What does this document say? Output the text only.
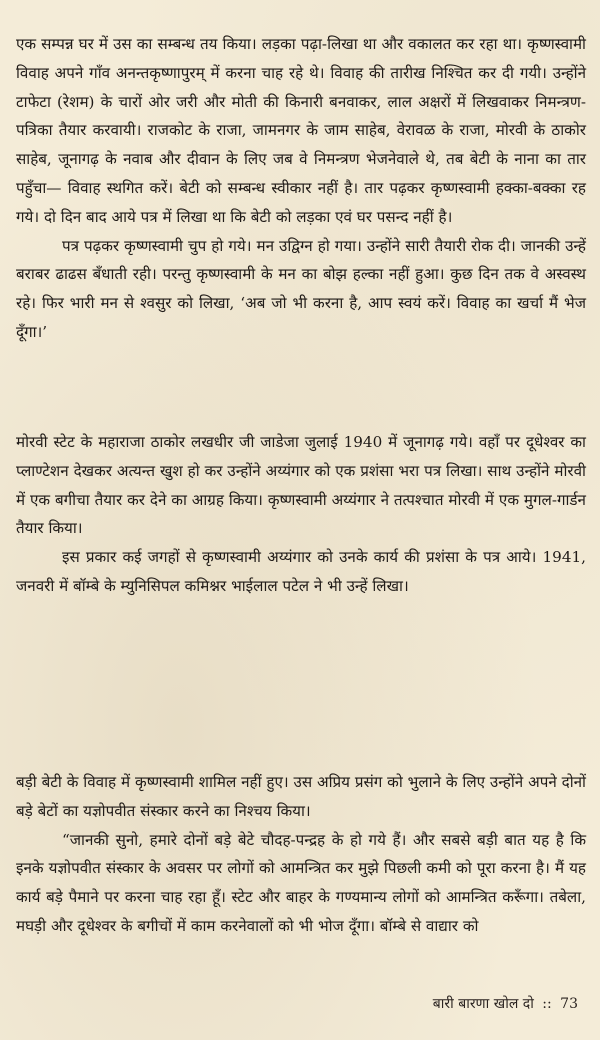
एक सम्पन्न घर में उस का सम्बन्ध तय किया। लड़का पढ़ा-लिखा था और वकालत कर रहा था। कृष्णस्वामी विवाह अपने गाँव अनन्तकृष्णापुरम् में करना चाह रहे थे। विवाह की तारीख निश्चित कर दी गयी। उन्होंने टाफेटा (रेशम) के चारों ओर जरी और मोती की किनारी बनवाकर, लाल अक्षरों में लिखवाकर निमन्त्रण-पत्रिका तैयार करवायी। राजकोट के राजा, जामनगर के जाम साहेब, वेरावळ के राजा, मोरवी के ठाकोर साहेब, जूनागढ़ के नवाब और दीवान के लिए जब वे निमन्त्रण भेजनेवाले थे, तब बेटी के नाना का तार पहुँचा— विवाह स्थगित करें। बेटी को सम्बन्ध स्वीकार नहीं है। तार पढ़कर कृष्णस्वामी हक्का-बक्का रह गये। दो दिन बाद आये पत्र में लिखा था कि बेटी को लड़का एवं घर पसन्द नहीं है।

पत्र पढ़कर कृष्णस्वामी चुप हो गये। मन उद्विग्न हो गया। उन्होंने सारी तैयारी रोक दी। जानकी उन्हें बराबर ढाढस बँधाती रही। परन्तु कृष्णस्वामी के मन का बोझ हल्का नहीं हुआ। कुछ दिन तक वे अस्वस्थ रहे। फिर भारी मन से श्वसुर को लिखा, ‘अब जो भी करना है, आप स्वयं करें। विवाह का खर्चा मैं भेज दूँगा।’

मोरवी स्टेट के महाराजा ठाकोर लखधीर जी जाडेजा जुलाई 1940 में जूनागढ़ गये। वहाँ पर दूधेश्वर का प्लाण्टेशन देखकर अत्यन्त खुश हो कर उन्होंने अय्यंगार को एक प्रशंसा भरा पत्र लिखा। साथ उन्होंने मोरवी में एक बगीचा तैयार कर देने का आग्रह किया। कृष्णस्वामी अय्यंगार ने तत्पश्चात मोरवी में एक मुगल-गार्डन तैयार किया।

इस प्रकार कई जगहों से कृष्णस्वामी अय्यंगार को उनके कार्य की प्रशंसा के पत्र आये। 1941, जनवरी में बॉम्बे के म्युनिसिपल कमिश्नर भाईलाल पटेल ने भी उन्हें लिखा।

बड़ी बेटी के विवाह में कृष्णस्वामी शामिल नहीं हुए। उस अप्रिय प्रसंग को भुलाने के लिए उन्होंने अपने दोनों बड़े बेटों का यज्ञोपवीत संस्कार करने का निश्चय किया।

“जानकी सुनो, हमारे दोनों बड़े बेटे चौदह-पन्द्रह के हो गये हैं। और सबसे बड़ी बात यह है कि इनके यज्ञोपवीत संस्कार के अवसर पर लोगों को आमन्त्रित कर मुझे पिछली कमी को पूरा करना है। मैं यह कार्य बड़े पैमाने पर करना चाह रहा हूँ। स्टेट और बाहर के गण्यमान्य लोगों को आमन्त्रित करूँगा। तबेला, मघड़ी और दूधेश्वर के बगीचों में काम करनेवालों को भी भोज दूँगा। बॉम्बे से वाद्यार को

बारी बारणा खोल दो :: 73
